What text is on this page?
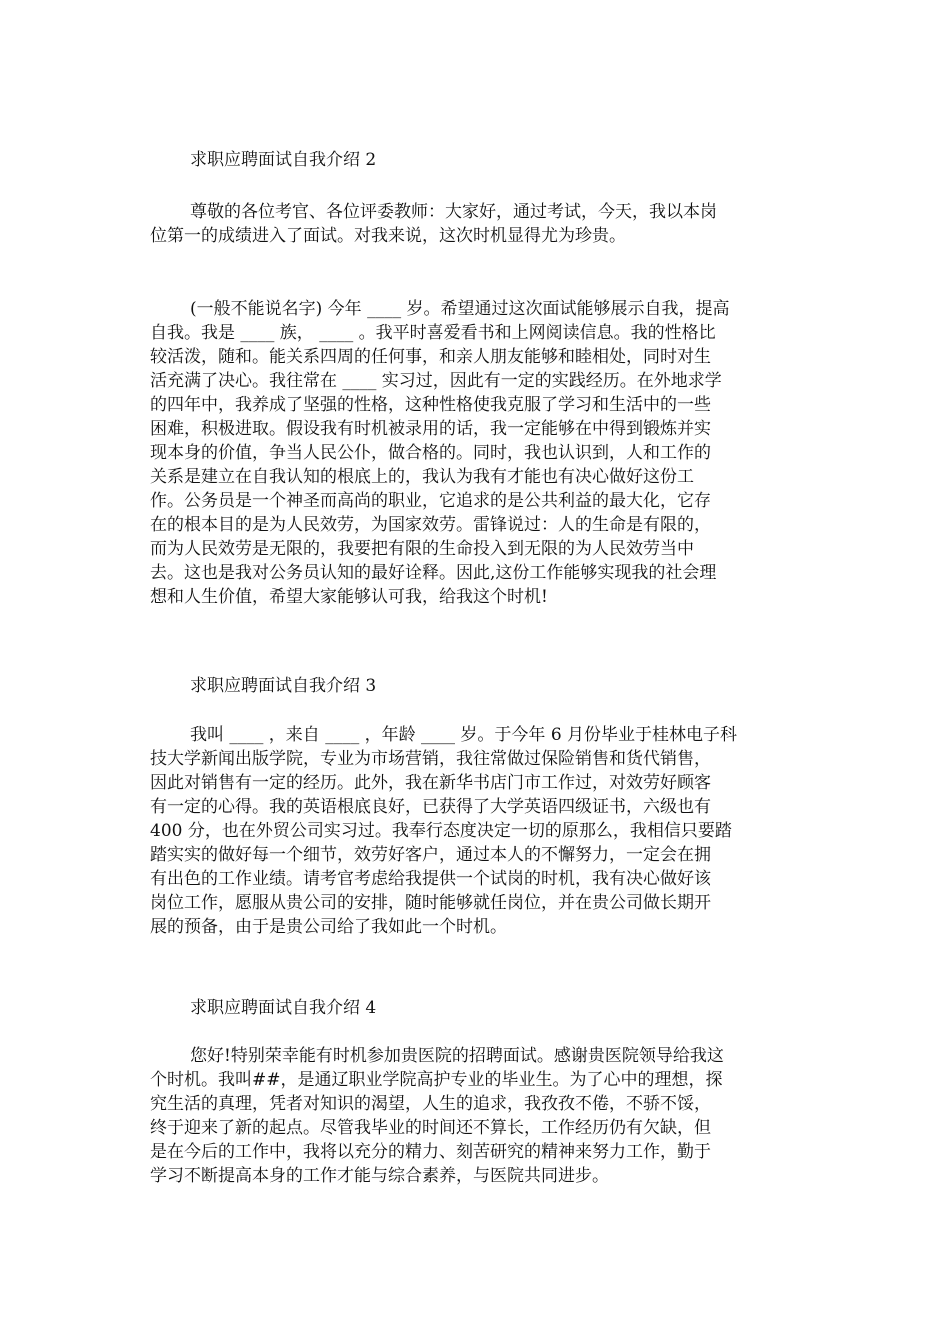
求职应聘面试自我介绍 2

尊敬的各位考官、各位评委教师：大家好，通过考试，今天，我以本岗
位第一的成绩进入了面试。对我来说，这次时机显得尤为珍贵。

(一般不能说名字) 今年 ____ 岁。希望通过这次面试能够展示自我，提高
自我。我是 ____ 族， ____ 。我平时喜爱看书和上网阅读信息。我的性格比
较活泼，随和。能关系四周的任何事，和亲人朋友能够和睦相处，同时对生
活充满了决心。我往常在 ____ 实习过，因此有一定的实践经历。在外地求学
的四年中，我养成了坚强的性格，这种性格使我克服了学习和生活中的一些
困难，积极进取。假设我有时机被录用的话，我一定能够在中得到锻炼并实
现本身的价值，争当人民公仆，做合格的。同时，我也认识到，人和工作的
关系是建立在自我认知的根底上的，我认为我有才能也有决心做好这份工
作。公务员是一个神圣而高尚的职业，它追求的是公共利益的最大化，它存
在的根本目的是为人民效劳，为国家效劳。雷锋说过：人的生命是有限的，
而为人民效劳是无限的，我要把有限的生命投入到无限的为人民效劳当中
去。这也是我对公务员认知的最好诠释。因此,这份工作能够实现我的社会理
想和人生价值，希望大家能够认可我，给我这个时机!

求职应聘面试自我介绍 3

我叫 ____ ，来自 ____ ，年龄 ____ 岁。于今年 6 月份毕业于桂林电子科
技大学新闻出版学院，专业为市场营销，我往常做过保险销售和货代销售，
因此对销售有一定的经历。此外，我在新华书店门市工作过，对效劳好顾客
有一定的心得。我的英语根底良好，已获得了大学英语四级证书，六级也有
400 分，也在外贸公司实习过。我奉行态度决定一切的原那么，我相信只要踏
踏实实的做好每一个细节，效劳好客户，通过本人的不懈努力，一定会在拥
有出色的工作业绩。请考官考虑给我提供一个试岗的时机，我有决心做好该
岗位工作，愿服从贵公司的安排，随时能够就任岗位，并在贵公司做长期开
展的预备，由于是贵公司给了我如此一个时机。

求职应聘面试自我介绍 4

您好!特别荣幸能有时机参加贵医院的招聘面试。感谢贵医院领导给我这
个时机。我叫##，是通辽职业学院高护专业的毕业生。为了心中的理想，探
究生活的真理，凭者对知识的渴望，人生的追求，我孜孜不倦，不骄不馁，
终于迎来了新的起点。尽管我毕业的时间还不算长，工作经历仍有欠缺，但
是在今后的工作中，我将以充分的精力、刻苦研究的精神来努力工作，勤于
学习不断提高本身的工作才能与综合素养，与医院共同进步。
